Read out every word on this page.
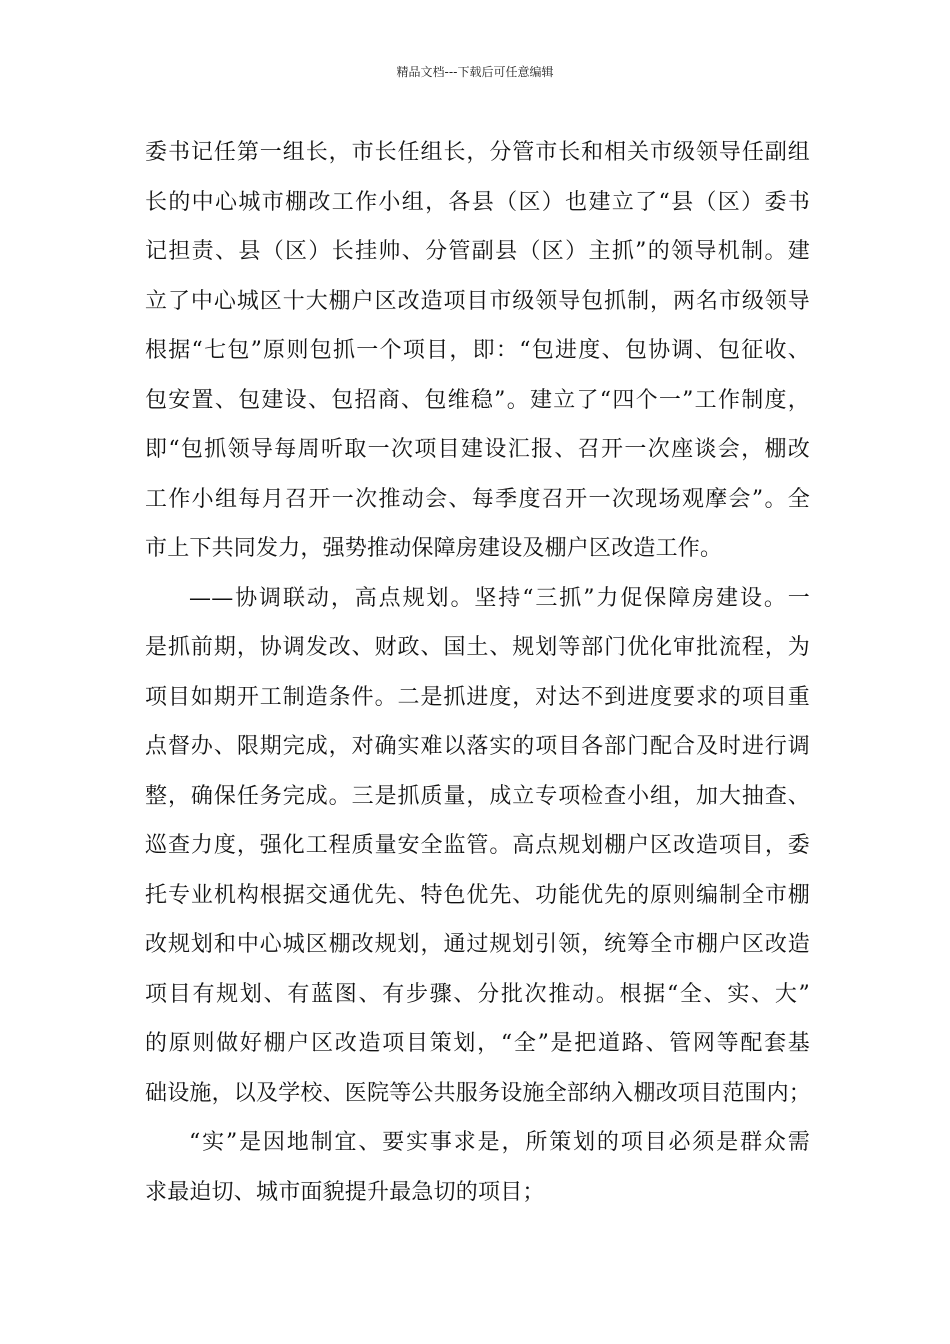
精品文档---下载后可任意编辑
委书记任第一组长，市长任组长，分管市长和相关市级领导任副组
长的中心城市棚改工作小组，各县（区）也建立了“县（区）委书
记担责、县（区）长挂帅、分管副县（区）主抓”的领导机制。建
立了中心城区十大棚户区改造项目市级领导包抓制，两名市级领导
根据“七包”原则包抓一个项目，即：“包进度、包协调、包征收、
包安置、包建设、包招商、包维稳”。建立了“四个一”工作制度，
即“包抓领导每周听取一次项目建设汇报、召开一次座谈会，棚改
工作小组每月召开一次推动会、每季度召开一次现场观摩会”。全
市上下共同发力，强势推动保障房建设及棚户区改造工作。
——协调联动，高点规划。坚持“三抓”力促保障房建设。一
是抓前期，协调发改、财政、国土、规划等部门优化审批流程，为
项目如期开工制造条件。二是抓进度，对达不到进度要求的项目重
点督办、限期完成，对确实难以落实的项目各部门配合及时进行调
整，确保任务完成。三是抓质量，成立专项检查小组，加大抽查、
巡查力度，强化工程质量安全监管。高点规划棚户区改造项目，委
托专业机构根据交通优先、特色优先、功能优先的原则编制全市棚
改规划和中心城区棚改规划，通过规划引领，统筹全市棚户区改造
项目有规划、有蓝图、有步骤、分批次推动。根据“全、实、大”
的原则做好棚户区改造项目策划，“全”是把道路、管网等配套基
础设施，以及学校、医院等公共服务设施全部纳入棚改项目范围内；
“实”是因地制宜、要实事求是，所策划的项目必须是群众需
求最迫切、城市面貌提升最急切的项目；
